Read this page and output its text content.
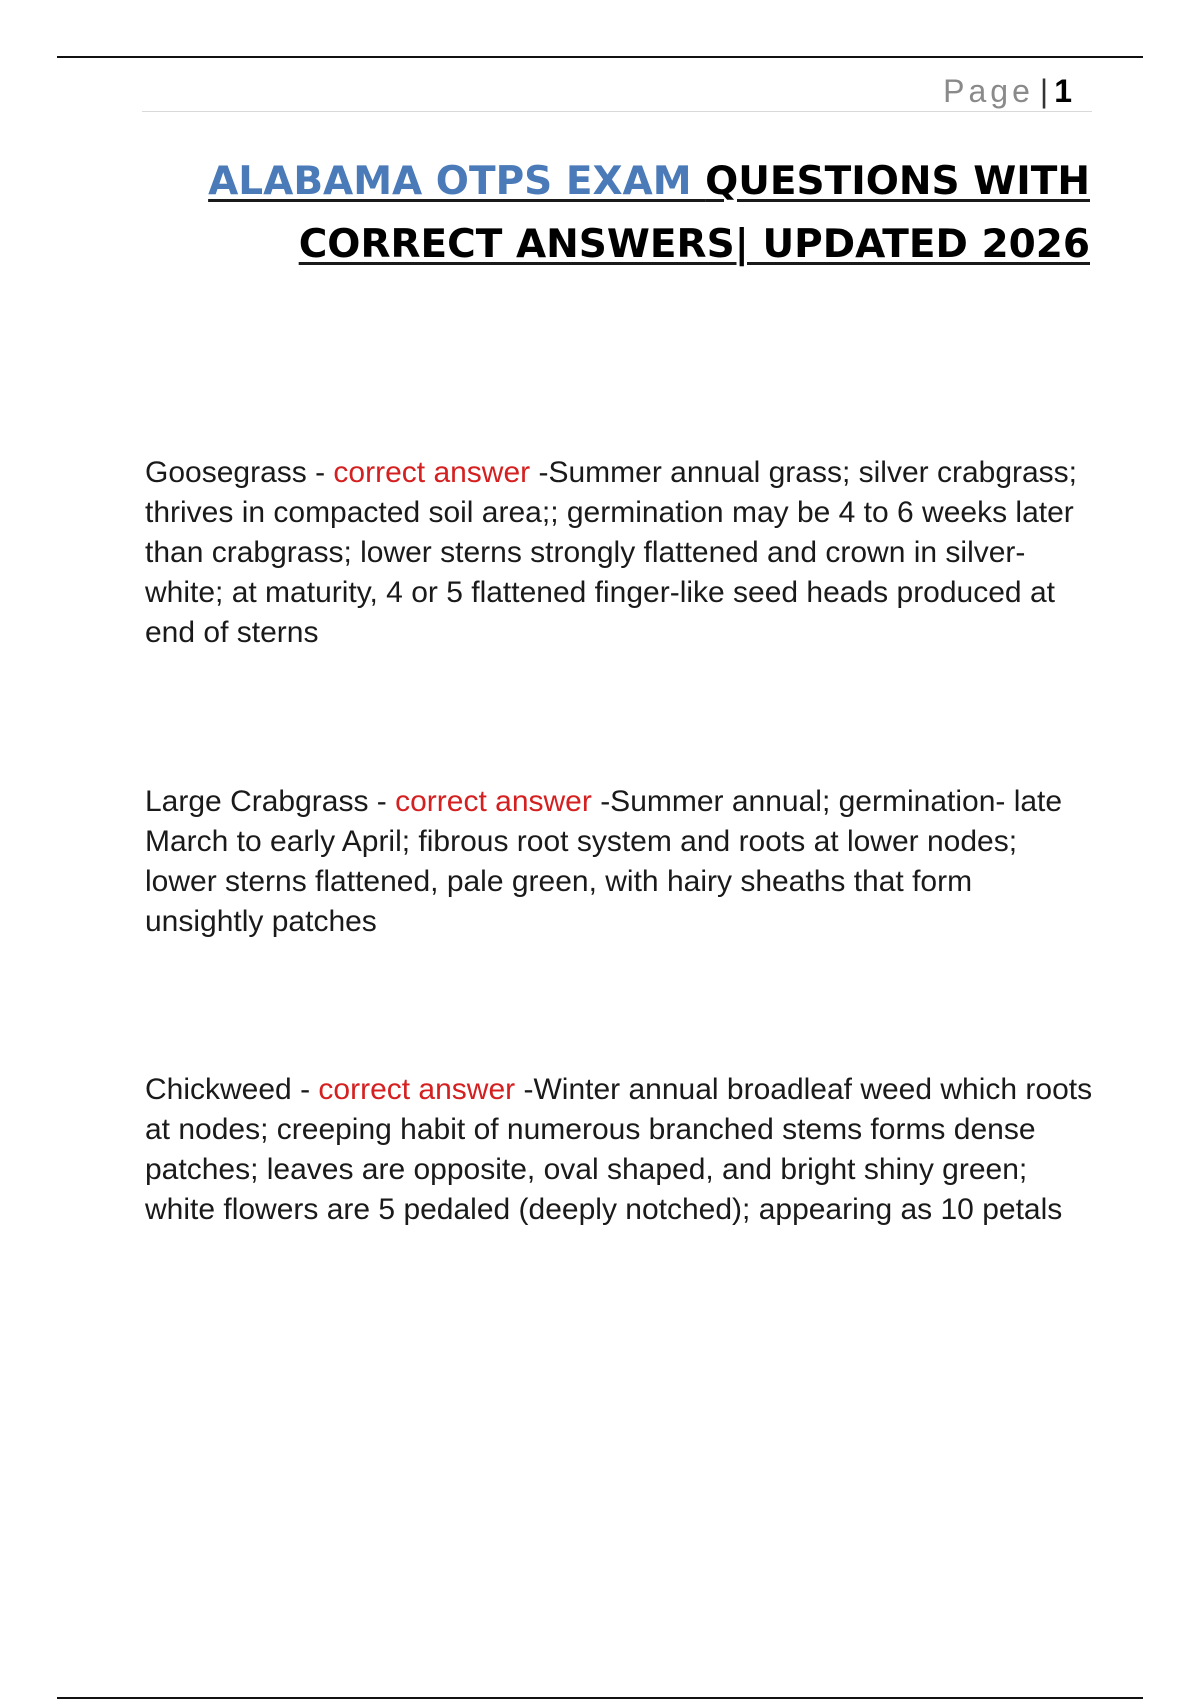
Page | 1
ALABAMA OTPS EXAM QUESTIONS WITH CORRECT ANSWERS| UPDATED 2026
Goosegrass - correct answer -Summer annual grass; silver crabgrass; thrives in compacted soil area;; germination may be 4 to 6 weeks later than crabgrass; lower sterns strongly flattened and crown in silver-white; at maturity, 4 or 5 flattened finger-like seed heads produced at end of sterns
Large Crabgrass - correct answer -Summer annual; germination- late March to early April; fibrous root system and roots at lower nodes; lower sterns flattened, pale green, with hairy sheaths that form unsightly patches
Chickweed - correct answer -Winter annual broadleaf weed which roots at nodes; creeping habit of numerous branched stems forms dense patches; leaves are opposite, oval shaped, and bright shiny green; white flowers are 5 pedaled (deeply notched); appearing as 10 petals
